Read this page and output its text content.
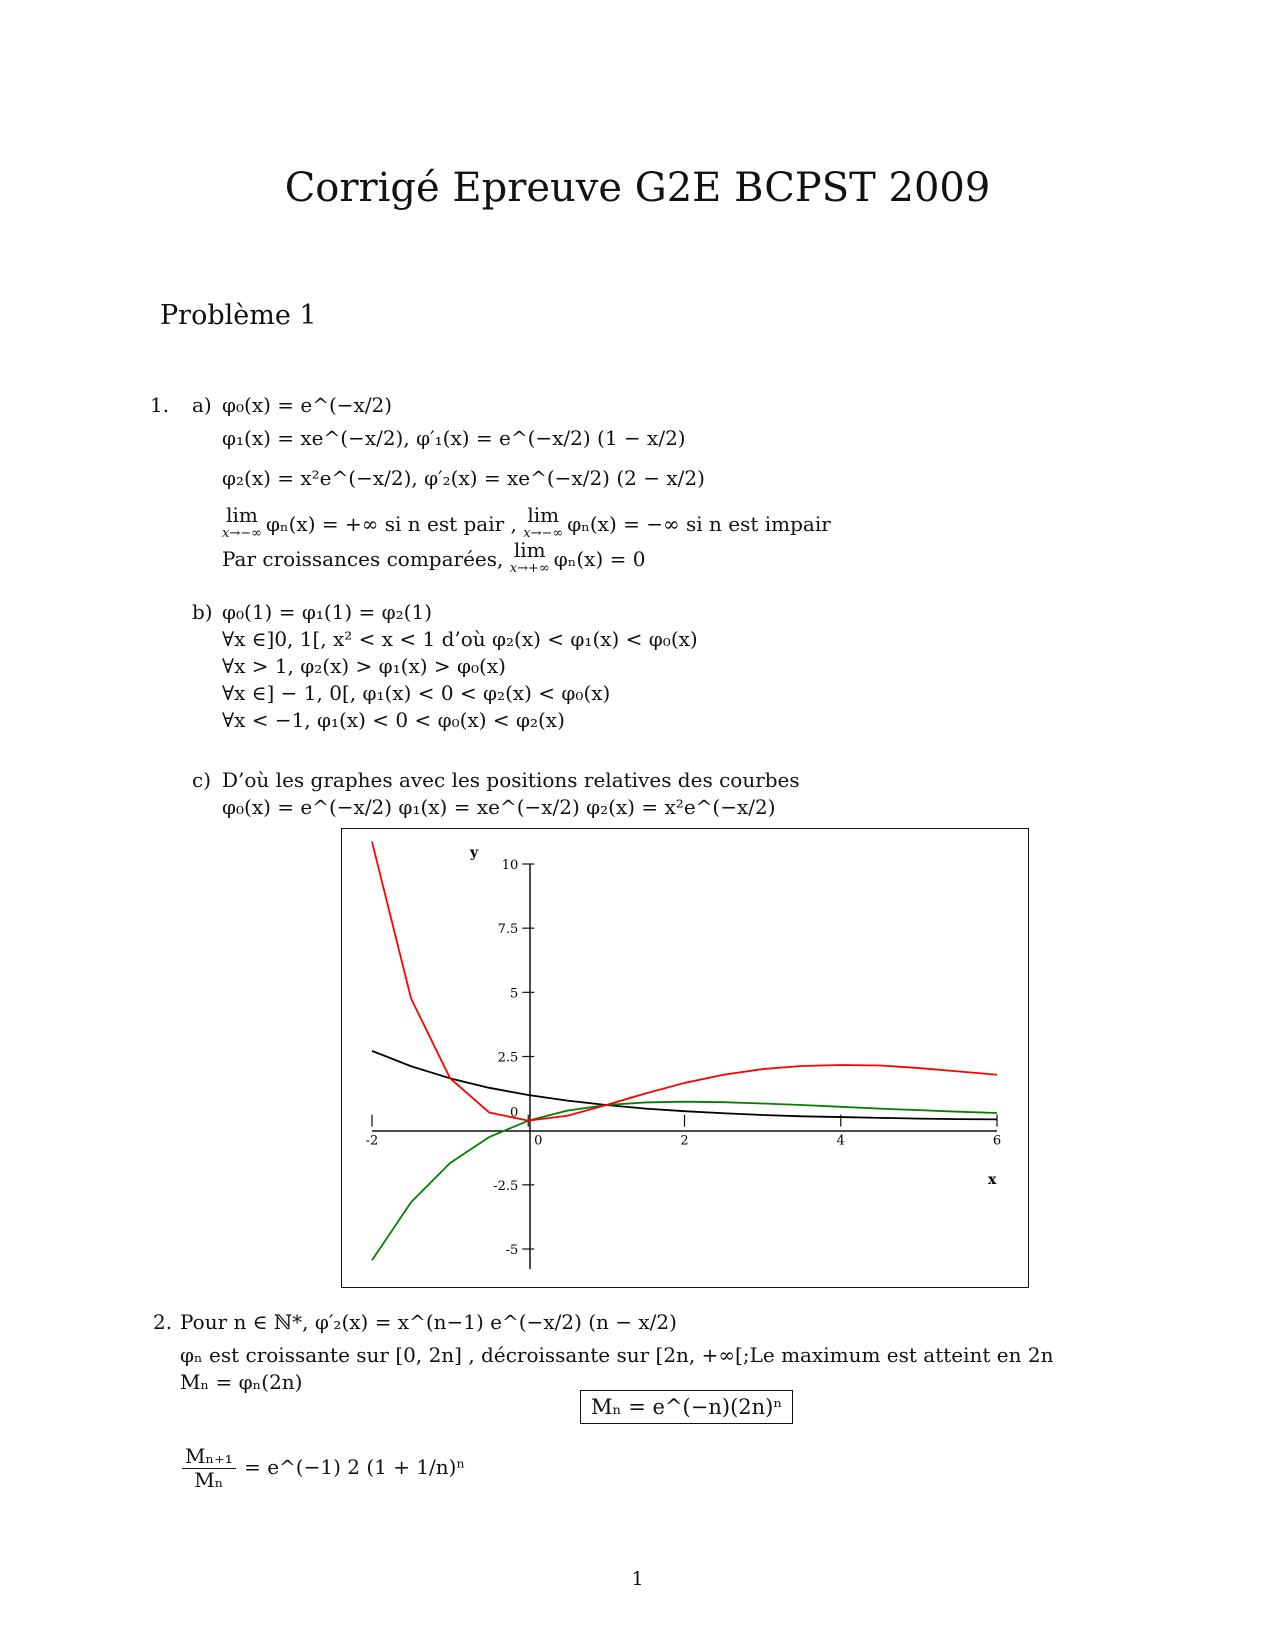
Corrigé Epreuve G2E BCPST 2009
Problème 1
1. a) φ₀(x) = e^(−x/2)
φ₁(x) = xe^(−x/2), φ′₁(x) = e^(−x/2) (1 − x/2)
φ₂(x) = x²e^(−x/2), φ′₂(x) = xe^(−x/2) (2 − x/2)
lim
x→−∞ φₙ(x) = +∞ si n est pair , lim
x→−∞ φₙ(x) = −∞ si n est impair
Par croissances comparées, lim
x→+∞ φₙ(x) = 0
b) φ₀(1) = φ₁(1) = φ₂(1)
∀x ∈]0, 1[, x² < x < 1 d’où φ₂(x) < φ₁(x) < φ₀(x)
∀x > 1, φ₂(x) > φ₁(x) > φ₀(x)
∀x ∈] − 1, 0[, φ₁(x) < 0 < φ₂(x) < φ₀(x)
∀x < −1, φ₁(x) < 0 < φ₀(x) < φ₂(x)
c) D’où les graphes avec les positions relatives des courbes
φ₀(x) = e^(−x/2) φ₁(x) = xe^(−x/2) φ₂(x) = x²e^(−x/2)
-2	0	2	4	6
10
7.5
5
2.5
0
-2.5
-5
y
x
2. Pour n ∈ ℕ*, φ′₂(x) = x^(n−1) e^(−x/2) (n − x/2)
φₙ est croissante sur [0, 2n] , décroissante sur [2n, +∞[;Le maximum est atteint en 2n
Mₙ = φₙ(2n)
Mₙ = e^(−n)(2n)ⁿ
$\frac{\text{Mₙ₊₁}}{\text{Mₙ}}$ = e^(−1) 2 (1 + 1/n)ⁿ
1
